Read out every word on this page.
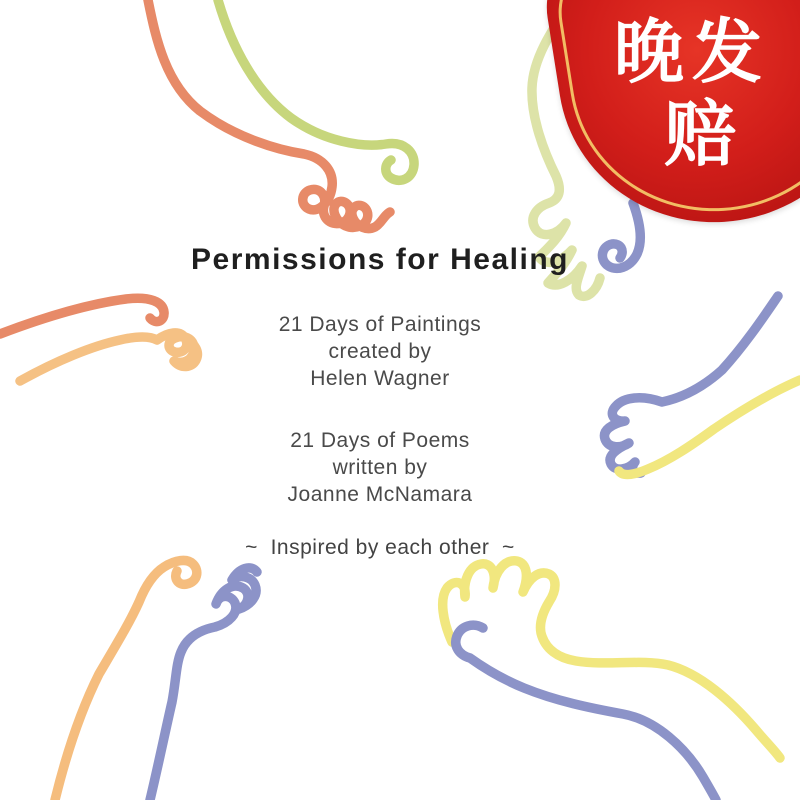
Permissions for Healing
21 Days of Paintings
created by
Helen Wagner
21 Days of Poems
written by
Joanne McNamara
~  Inspired by each other  ~
晚发
赔
